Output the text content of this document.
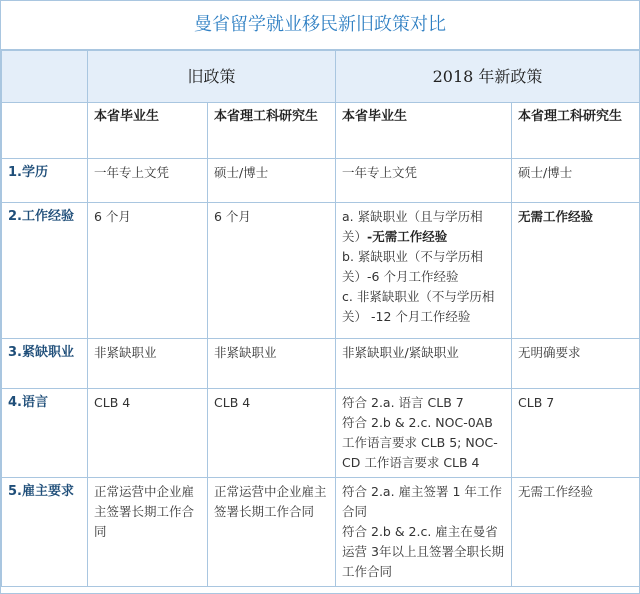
曼省留学就业移民新旧政策对比
	旧政策		2018 年新政策	
	本省毕业生	本省理工科研究生	本省毕业生	本省理工科研究生
1.学历	一年专上文凭	硕士/博士	一年专上文凭	硕士/博士

2.工作经验	6 个月	6 个月	a. 紧缺职业（且与学历相关）-无需工作经验
b. 紧缺职业（不与学历相关）-6 个月工作经验
c. 非紧缺职业（不与学历相关） -12 个月工作经验	无需工作经验

3.紧缺职业	非紧缺职业	非紧缺职业	非紧缺职业/紧缺职业	无明确要求

4.语言	CLB 4	CLB 4	符合 2.a. 语言 CLB 7
符合 2.b & 2.c. NOC-0AB 工作语言要求 CLB 5; NOC-CD 工作语言要求 CLB 4	CLB 7

5.雇主要求	正常运营中企业雇主签署长期工作合同	正常运营中企业雇主签署长期工作合同	符合 2.a. 雇主签署 1 年工作合同
符合 2.b & 2.c. 雇主在曼省运营 3年以上且签署全职长期工作合同	无需工作经验
